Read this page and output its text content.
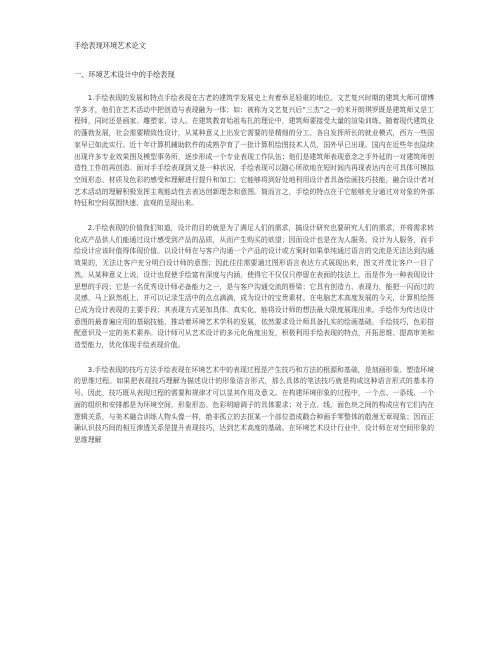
手绘表现环境艺术论文
一、环境艺术设计中的手绘表现

1.手绘表现的发展和特点手绘表现在古老的建筑学发展史上有着举足轻重的地位。文艺复兴时期的建筑大师可谓博学多才，他们在艺术活动中把创造与表现融为一体；如：被称为文艺复兴后“三杰”之一的米开朗琪罗既是建筑师又是工程师，同时还是画家、雕塑家、诗人。在建筑教育始祖布扎的理论中，建筑师要接受大量的渲染训练。随着现代建筑业的蓬勃发展，社会需要精致性设计，从某种意义上出发它需要的是精细的分工、各自发挥所长的就业模式，西方一些国家早已如此实行。近十年计算机辅助软件的成熟孕育了一批计算机绘图技术人员，国外早已出现、国内在近些年也陆续出现许多专业效果图及模型事务所，逐步形成一个专业表现工作队伍；他们是建筑师表现意念之手外延的一对建筑师创造性工作的再创造。面对手手绘表现到又是一种状况，手绘表现可以随心所欲地在短时间内再现表达内在可具体可模拟空间形态、材质及色彩的感受和理解进行提升和加工；它能够将到好处地利用设计者具备绘画技巧技能，融合设计者对艺术活动的理解积极发挥主观能动性去表达创新理念和意图。简而言之，手绘的特点在于它能够充分通过对对象的外部特征和空间氛围快速、直观的呈现出来。

2.手绘表现的价值我们知道，设计的目的就是为了满足人们的需求，搞设计研究也要研究人们的需求，并将需求转化成产品供人们能通过设计感受到产品的品质，从而产生购买的欲望；因而设计也是在为人服务。设计为人服务，而手绘设计应该时值得体现价值。以设计师在与客户沟通一个产品的设计或方案时如果单纯通过语言的交流是无法达到沟通效果的，无法让客户充分明白设计师的意图；因此往往需要通过图形语言表达方式展现出来，图文并茂让客户一目了然。从某种意义上说，设计也促使手绘富有深度与内涵，使得它不仅仅只停留在表面的技法上，而是作为一种表现设计思想的手段；它是一名优秀设计师必备能力之一，是与客户沟通交流的桥梁；它具有创造力、表现力，能把一闪而过的灵感，马上跃然纸上，并可以记录生活中的点点滴滴，成为设计的宝贵素材。在电脑艺术高度发展的今天，计算机绘图已成为设计表现的主要手段；其表现方式更加具体、真实化，能将设计师的想法最大限度展现出来。手绘作为传达设计意图的最普遍应用的基础技能，推动着环境艺术学科的发展，依然要求设计师具备扎实的绘画基础，手绘技巧，色彩搭配意识及一定的美术素养。设计师可从艺术设计的多元化角度出发，积极利用手绘表现的特点，开拓思维、提高审美和造型能力，优化体现手绘表现价值。

3.手绘表现的技巧方法手绘表现在环境艺术中的表现过程是产生技巧和方法的根源和基础，是刻画形象、塑造环境的思维过程。如果把表现技巧理解为描述设计的形象语言形式，那么具体的笔法技巧就是构成这种语言形式的基本符号。因此，技巧既从表现过程的需要和规律才可以显其作用及意义。在构建环境形象的过程中，一个点、一条线、一个面的组织和安排都是为环境空间、形象形态、色彩明暗调子的具体要求；对于点、线、面色块之间的构成应有它们内在逻辑关系，与美术融合训练人物头像一样，绝非孤立的去抠某一个部位造成戳合种画手零整体的散漫无章现象；因而正确认识技巧间的相互渗透关系是提升表现技巧，达到艺术高度的基础。在环境艺术设计行业中，设计师在对空间形象的思维理解
